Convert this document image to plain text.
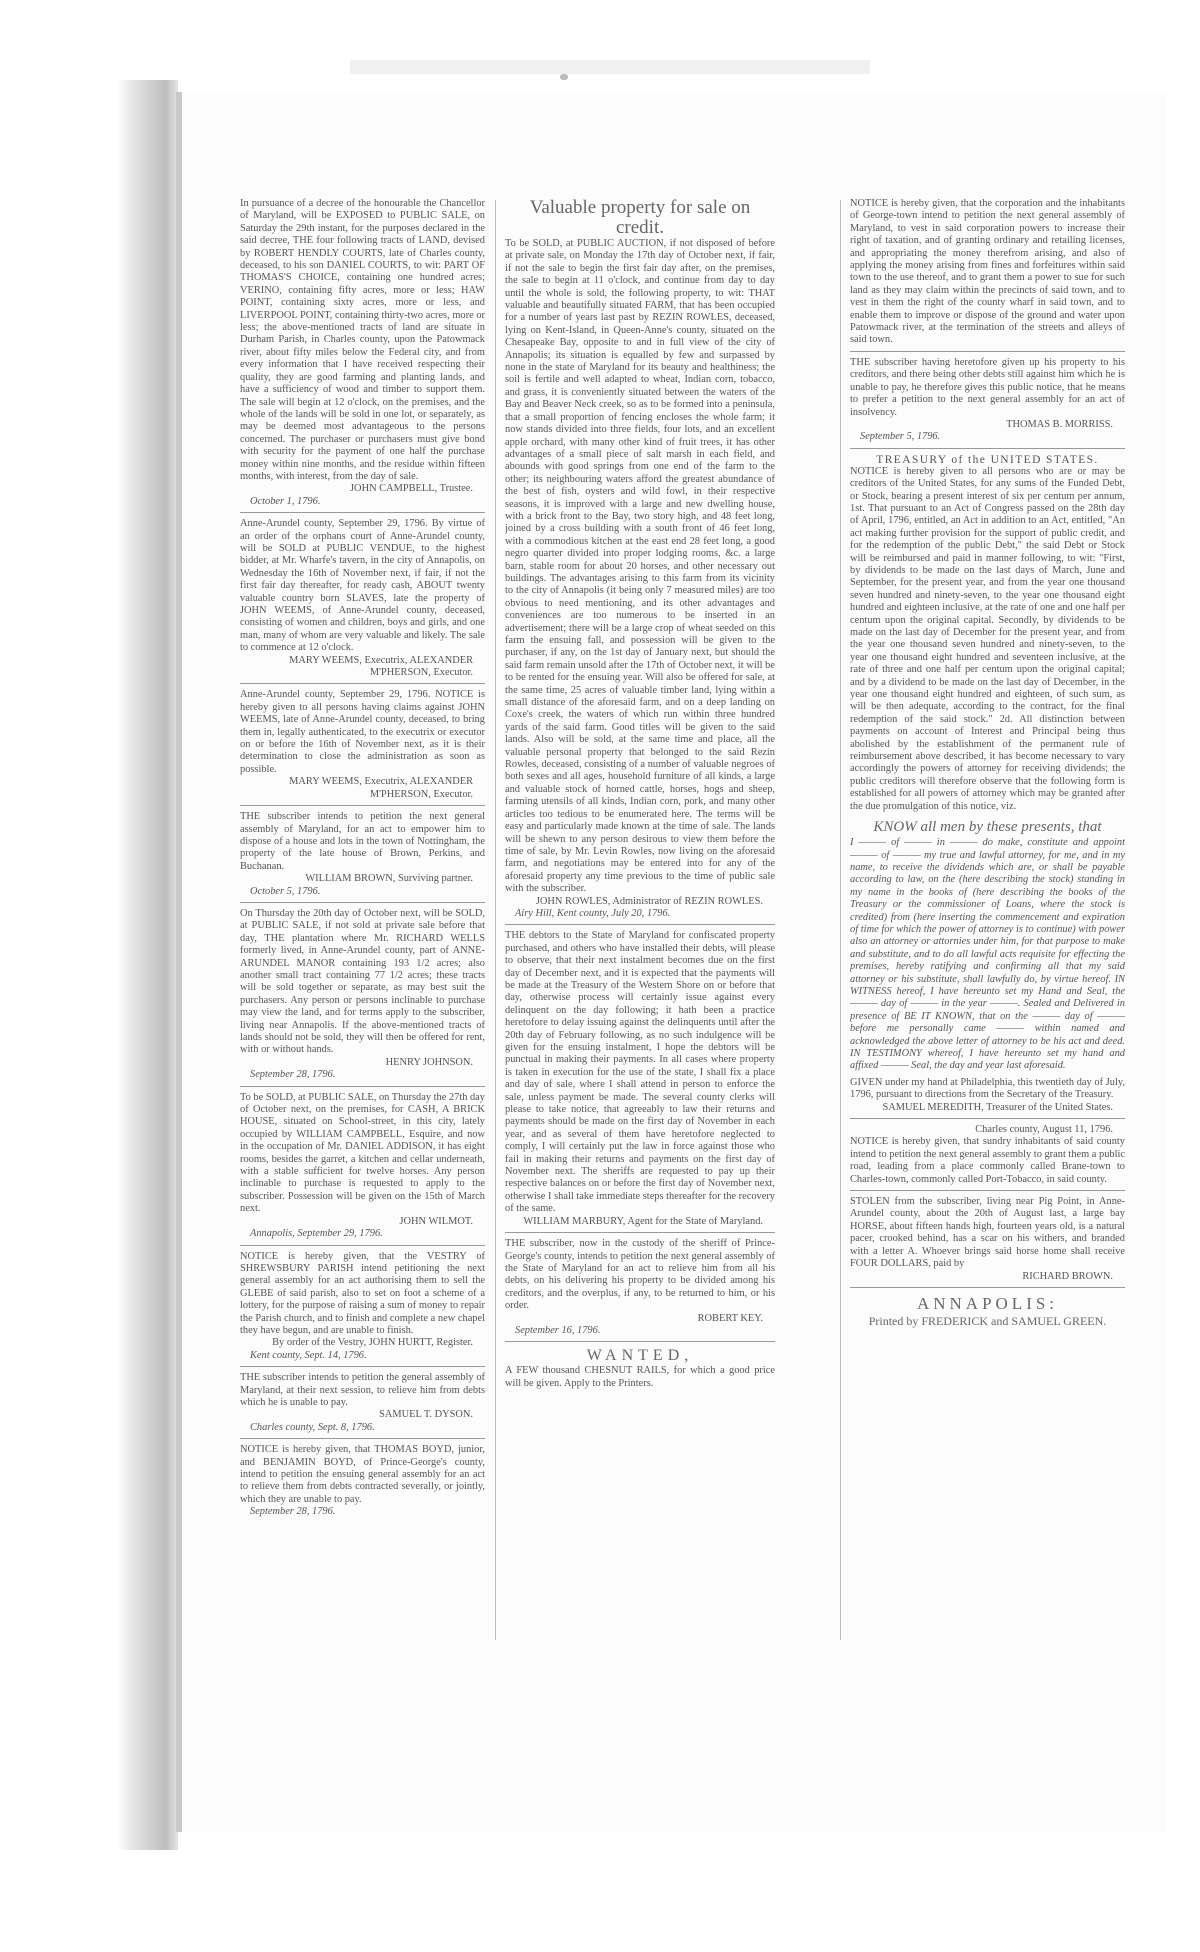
In pursuance of a decree of the honourable the Chancellor of Maryland, will be EXPOSED to PUBLIC SALE, on Saturday the 29th instant, for the purposes declared in the said decree, THE four following tracts of LAND, devised by ROBERT HENDLY COURTS, late of Charles county, deceased, to his son DANIEL COURTS, to wit: PART OF THOMAS'S CHOICE, containing one hundred acres; VERINO, containing fifty acres, more or less; HAW POINT, containing sixty acres, more or less, and LIVERPOOL POINT, containing thirty-two acres, more or less; the above-mentioned tracts of land are situate in Durham Parish, in Charles county, upon the Patowmack river, about fifty miles below the Federal city, and from every information that I have received respecting their quality, they are good farming and planting lands, and have a sufficiency of wood and timber to support them. The sale will begin at 12 o'clock, on the premises, and the whole of the lands will be sold in one lot, or separately, as may be deemed most advantageous to the persons concerned. The purchaser or purchasers must give bond with security for the payment of one half the purchase money within nine months, and the residue within fifteen months, with interest, from the day of sale.

JOHN CAMPBELL, Trustee.
October 1, 1796.

Anne-Arundel county, September 29, 1796. By virtue of an order of the orphans court of Anne-Arundel county, will be SOLD at PUBLIC VENDUE, to the highest bidder, at Mr. Wharfe's tavern, in the city of Annapolis, on Wednesday the 16th of November next, if fair, if not the first fair day thereafter, for ready cash, ABOUT twenty valuable country born SLAVES, late the property of JOHN WEEMS, of Anne-Arundel county, deceased, consisting of women and children, boys and girls, and one man, many of whom are very valuable and likely. The sale to commence at 12 o'clock.

MARY WEEMS, Executrix, ALEXANDER M'PHERSON, Executor.

Anne-Arundel county, September 29, 1796. NOTICE is hereby given to all persons having claims against JOHN WEEMS, late of Anne-Arundel county, deceased, to bring them in, legally authenticated, to the executrix or executor on or before the 16th of November next, as it is their determination to close the administration as soon as possible.

MARY WEEMS, Executrix, ALEXANDER M'PHERSON, Executor.

THE subscriber intends to petition the next general assembly of Maryland, for an act to empower him to dispose of a house and lots in the town of Nottingham, the property of the late house of Brown, Perkins, and Buchanan.

WILLIAM BROWN, Surviving partner.
October 5, 1796.

On Thursday the 20th day of October next, will be SOLD, at PUBLIC SALE, if not sold at private sale before that day, THE plantation where Mr. RICHARD WELLS formerly lived, in Anne-Arundel county, part of ANNE-ARUNDEL MANOR containing 193 1/2 acres; also another small tract containing 77 1/2 acres; these tracts will be sold together or separate, as may best suit the purchasers. Any person or persons inclinable to purchase may view the land, and for terms apply to the subscriber, living near Annapolis. If the above-mentioned tracts of lands should not be sold, they will then be offered for rent, with or without hands.

HENRY JOHNSON.
September 28, 1796.

To be SOLD, at PUBLIC SALE, on Thursday the 27th day of October next, on the premises, for CASH, A BRICK HOUSE, situated on School-street, in this city, lately occupied by WILLIAM CAMPBELL, Esquire, and now in the occupation of Mr. DANIEL ADDISON, it has eight rooms, besides the garret, a kitchen and cellar underneath, with a stable sufficient for twelve horses. Any person inclinable to purchase is requested to apply to the subscriber. Possession will be given on the 15th of March next.

JOHN WILMOT.
Annapolis, September 29, 1796.

NOTICE is hereby given, that the VESTRY of SHREWSBURY PARISH intend petitioning the next general assembly for an act authorising them to sell the GLEBE of said parish, also to set on foot a scheme of a lottery, for the purpose of raising a sum of money to repair the Parish church, and to finish and complete a new chapel they have begun, and are unable to finish.

By order of the Vestry, JOHN HURTT, Register.
Kent county, Sept. 14, 1796.

THE subscriber intends to petition the general assembly of Maryland, at their next session, to relieve him from debts which he is unable to pay.

SAMUEL T. DYSON.
Charles county, Sept. 8, 1796.

NOTICE is hereby given, that THOMAS BOYD, junior, and BENJAMIN BOYD, of Prince-George's county, intend to petition the ensuing general assembly for an act to relieve them from debts contracted severally, or jointly, which they are unable to pay.

September 28, 1796.
Valuable property for sale on credit.

To be SOLD, at PUBLIC AUCTION, if not disposed of before at private sale, on Monday the 17th day of October next, if fair, if not the sale to begin the first fair day after, on the premises, the sale to begin at 11 o'clock, and continue from day to day until the whole is sold, the following property, to wit: THAT valuable and beautifully situated FARM, that has been occupied for a number of years last past by REZIN ROWLES, deceased, lying on Kent-Island, in Queen-Anne's county, situated on the Chesapeake Bay, opposite to and in full view of the city of Annapolis; its situation is equalled by few and surpassed by none in the state of Maryland for its beauty and healthiness; the soil is fertile and well adapted to wheat, Indian corn, tobacco, and grass, it is conveniently situated between the waters of the Bay and Beaver Neck creek, so as to be formed into a peninsula, that a small proportion of fencing encloses the whole farm; it now stands divided into three fields, four lots, and an excellent apple orchard, with many other kind of fruit trees, it has other advantages of a small piece of salt marsh in each field, and abounds with good springs from one end of the farm to the other; its neighbouring waters afford the greatest abundance of the best of fish, oysters and wild fowl, in their respective seasons, it is improved with a large and new dwelling house, with a brick front to the Bay, two story high, and 48 feet long, joined by a cross building with a south front of 46 feet long, with a commodious kitchen at the east end 28 feet long, a good negro quarter divided into proper lodging rooms, &c. a large barn, stable room for about 20 horses, and other necessary out buildings. The advantages arising to this farm from its vicinity to the city of Annapolis (it being only 7 measured miles) are too obvious to need mentioning, and its other advantages and conveniences are too numerous to be inserted in an advertisement; there will be a large crop of wheat seeded on this farm the ensuing fall, and possession will be given to the purchaser, if any, on the 1st day of January next, but should the said farm remain unsold after the 17th of October next, it will be to be rented for the ensuing year. Will also be offered for sale, at the same time, 25 acres of valuable timber land, lying within a small distance of the aforesaid farm, and on a deep landing on Coxe's creek, the waters of which run within three hundred yards of the said farm. Good titles will be given to the said lands. Also will be sold, at the same time and place, all the valuable personal property that belonged to the said Rezin Rowles, deceased, consisting of a number of valuable negroes of both sexes and all ages, household furniture of all kinds, a large and valuable stock of horned cattle, horses, hogs and sheep, farming utensils of all kinds, Indian corn, pork, and many other articles too tedious to be enumerated here. The terms will be easy and particularly made known at the time of sale. The lands will be shewn to any person desirous to view them before the time of sale, by Mr. Levin Rowles, now living on the aforesaid farm, and negotiations may be entered into for any of the aforesaid property any time previous to the time of public sale with the subscriber.

JOHN ROWLES, Administrator of REZIN ROWLES.
Airy Hill, Kent county, July 20, 1796.

THE debtors to the State of Maryland for confiscated property purchased, and others who have installed their debts, will please to observe, that their next instalment becomes due on the first day of December next, and it is expected that the payments will be made at the Treasury of the Western Shore on or before that day, otherwise process will certainly issue against every delinquent on the day following; it hath been a practice heretofore to delay issuing against the delinquents until after the 20th day of February following, as no such indulgence will be given for the ensuing instalment, I hope the debtors will be punctual in making their payments. In all cases where property is taken in execution for the use of the state, I shall fix a place and day of sale, where I shall attend in person to enforce the sale, unless payment be made. The several county clerks will please to take notice, that agreeably to law their returns and payments should be made on the first day of November in each year, and as several of them have heretofore neglected to comply, I will certainly put the law in force against those who fail in making their returns and payments on the first day of November next. The sheriffs are requested to pay up their respective balances on or before the first day of November next, otherwise I shall take immediate steps thereafter for the recovery of the same.

WILLIAM MARBURY, Agent for the State of Maryland.

THE subscriber, now in the custody of the sheriff of Prince-George's county, intends to petition the next general assembly of the State of Maryland for an act to relieve him from all his debts, on his delivering his property to be divided among his creditors, and the overplus, if any, to be returned to him, or his order.

ROBERT KEY.
September 16, 1796.
WANTED,

A FEW thousand CHESNUT RAILS, for which a good price will be given. Apply to the Printers.

NOTICE is hereby given, that the corporation and the inhabitants of George-town intend to petition the next general assembly of Maryland, to vest in said corporation powers to increase their right of taxation, and of granting ordinary and retailing licenses, and appropriating the money therefrom arising, and also of applying the money arising from fines and forfeitures within said town to the use thereof, and to grant them a power to sue for such land as they may claim within the precincts of said town, and to vest in them the right of the county wharf in said town, and to enable them to improve or dispose of the ground and water upon Patowmack river, at the termination of the streets and alleys of said town.

THE subscriber having heretofore given up his property to his creditors, and there being other debts still against him which he is unable to pay, he therefore gives this public notice, that he means to prefer a petition to the next general assembly for an act of insolvency.

THOMAS B. MORRISS.
September 5, 1796.
TREASURY of the UNITED STATES.

NOTICE is hereby given to all persons who are or may be creditors of the United States, for any sums of the Funded Debt, or Stock, bearing a present interest of six per centum per annum, 1st. That pursuant to an Act of Congress passed on the 28th day of April, 1796, entitled, an Act in addition to an Act, entitled, "An act making further provision for the support of public credit, and for the redemption of the public Debt," the said Debt or Stock will be reimbursed and paid in manner following, to wit: "First, by dividends to be made on the last days of March, June and September, for the present year, and from the year one thousand seven hundred and ninety-seven, to the year one thousand eight hundred and eighteen inclusive, at the rate of one and one half per centum upon the original capital. Secondly, by dividends to be made on the last day of December for the present year, and from the year one thousand seven hundred and ninety-seven, to the year one thousand eight hundred and seventeen inclusive, at the rate of three and one half per centum upon the original capital; and by a dividend to be made on the last day of December, in the year one thousand eight hundred and eighteen, of such sum, as will be then adequate, according to the contract, for the final redemption of the said stock." 2d. All distinction between payments on account of Interest and Principal being thus abolished by the establishment of the permanent rule of reimbursement above described, it has become necessary to vary accordingly the powers of attorney for receiving dividends; the public creditors will therefore observe that the following form is established for all powers of attorney which may be granted after the due promulgation of this notice, viz.

KNOW all men by these presents, that

I ——— of ——— in ——— do make, constitute and appoint ——— of ——— my true and lawful attorney, for me, and in my name, to receive the dividends which are, or shall be payable according to law, on the (here describing the stock) standing in my name in the books of (here describing the books of the Treasury or the commissioner of Loans, where the stock is credited) from (here inserting the commencement and expiration of time for which the power of attorney is to continue) with power also an attorney or attornies under him, for that purpose to make and substitute, and to do all lawful acts requisite for effecting the premises, hereby ratifying and confirming all that my said attorney or his substitute, shall lawfully do, by virtue hereof. IN WITNESS hereof, I have hereunto set my Hand and Seal, the ——— day of ——— in the year ———. Sealed and Delivered in presence of BE IT KNOWN, that on the ——— day of ——— before me personally came ——— within named and acknowledged the above letter of attorney to be his act and deed. IN TESTIMONY whereof, I have hereunto set my hand and affixed ——— Seal, the day and year last aforesaid.

GIVEN under my hand at Philadelphia, this twentieth day of July, 1796, pursuant to directions from the Secretary of the Treasury.

SAMUEL MEREDITH, Treasurer of the United States.
Charles county, August 11, 1796.

NOTICE is hereby given, that sundry inhabitants of said county intend to petition the next general assembly to grant them a public road, leading from a place commonly called Brane-town to Charles-town, commonly called Port-Tobacco, in said county.

STOLEN from the subscriber, living near Pig Point, in Anne-Arundel county, about the 20th of August last, a large bay HORSE, about fifteen hands high, fourteen years old, is a natural pacer, crooked behind, has a scar on his withers, and branded with a letter A. Whoever brings said horse home shall receive FOUR DOLLARS, paid by

RICHARD BROWN.
ANNAPOLIS:
Printed by FREDERICK and SAMUEL GREEN.
